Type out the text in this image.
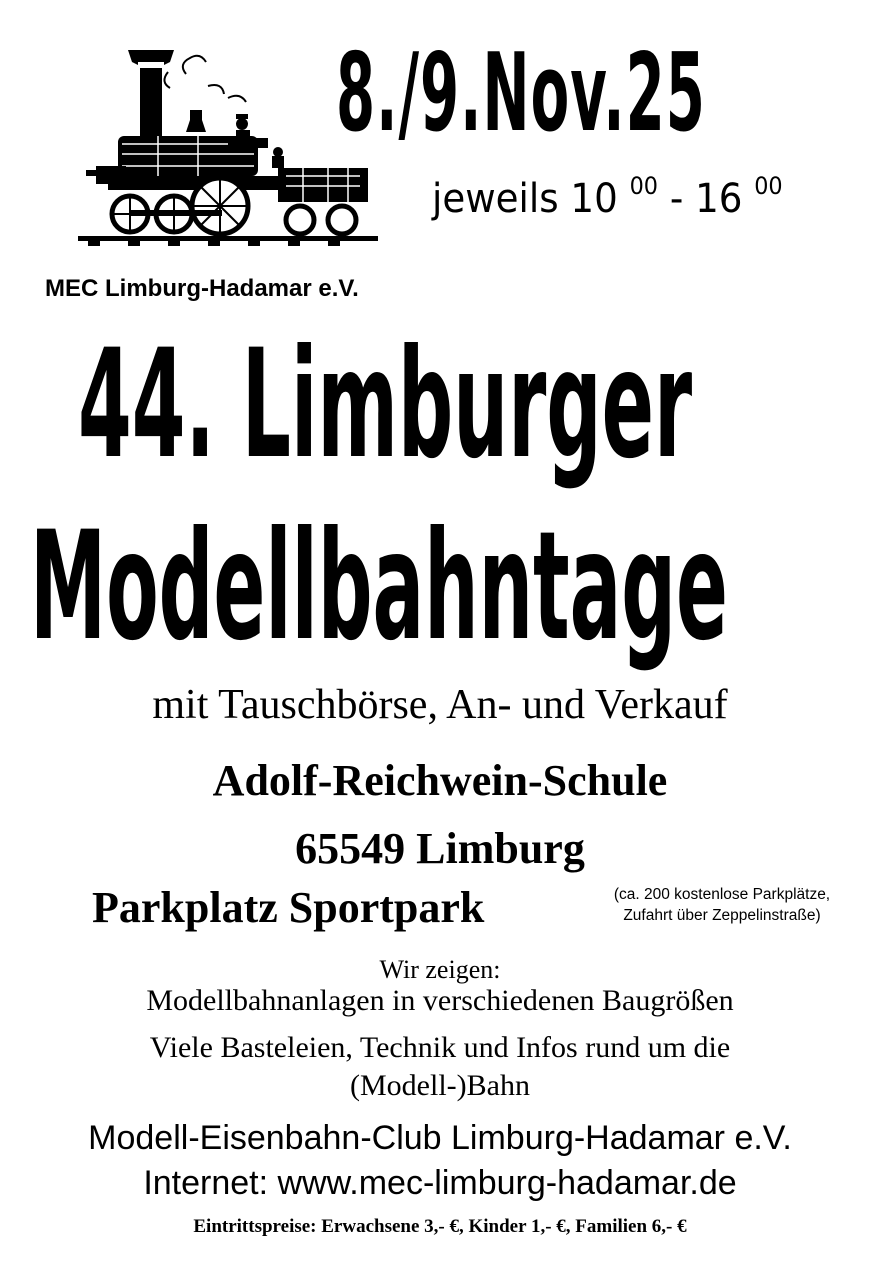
MEC Limburg-Hadamar e.V.
8./9.Nov.25
jeweils 10 $^{00}$ - 16 $^{00}$
44. Limburger
Modellbahntage
mit Tauschbörse, An- und Verkauf
Adolf-Reichwein-Schule
65549 Limburg
Parkplatz Sportpark	(ca. 200 kostenlose Parkplätze,
Zufahrt über Zeppelinstraße)
Wir zeigen:
Modellbahnanlagen in verschiedenen Baugrößen
Viele Basteleien, Technik und Infos rund um die
(Modell-)Bahn
Modell-Eisenbahn-Club Limburg-Hadamar e.V.
Internet: www.mec-limburg-hadamar.de
Eintrittspreise: Erwachsene 3,- €, Kinder 1,- €, Familien 6,- €
